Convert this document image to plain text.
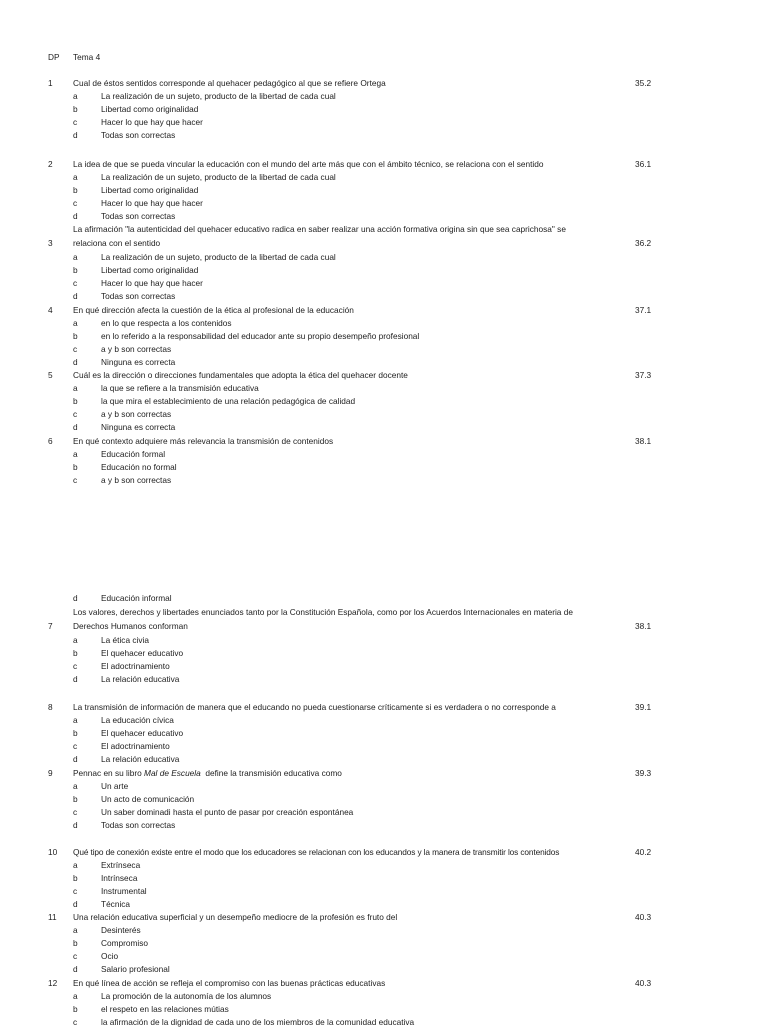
DP Tema 4
1 Cual de éstos sentidos corresponde al quehacer pedagógico al que se refiere Ortega	35.2
a	La realización de un sujeto, producto de la libertad de cada cual
b	Libertad como originalidad
c	Hacer lo que hay que hacer
d	Todas son correctas
2 La idea de que se pueda vincular la educación con el mundo del arte más que con el ámbito técnico, se relaciona con el sentido	36.1
a	La realización de un sujeto, producto de la libertad de cada cual
b	Libertad como originalidad
c	Hacer lo que hay que hacer
d	Todas son correctas
La afirmación "la autenticidad del quehacer educativo radica en saber realizar una acción formativa origina sin que sea caprichosa" se
3 relaciona con el sentido	36.2
a	La realización de un sujeto, producto de la libertad de cada cual
b	Libertad como originalidad
c	Hacer lo que hay que hacer
d	Todas son correctas
4 En qué dirección afecta la cuestión de la ética al profesional de la educación	37.1
a	en lo que respecta a los contenidos
b	en lo referido a la responsabilidad del educador ante su propio desempeño profesional
c	a y b son correctas
d	Ninguna es correcta
5 Cuál es la dirección o direcciones fundamentales que adopta la ética del quehacer docente	37.3
a	la que se refiere a la transmisión educativa
b	la que mira el establecimiento de una relación pedagógica de calidad
c	a y b son correctas
d	Ninguna es correcta
6 En qué contexto adquiere más relevancia la transmisión de contenidos	38.1
a	Educación formal
b	Educación no formal
c	a y b son correctas
d	Educación informal
Los valores, derechos y libertades enunciados tanto por la Constitución Española, como por los Acuerdos Internacionales en materia de
7 Derechos Humanos conforman	38.1
a	La ética civia
b	El quehacer educativo
c	El adoctrinamiento
d	La relación educativa
8 La transmisión de información de manera que el educando no pueda cuestionarse críticamente si es verdadera o no corresponde a	39.1
a	La educación cívica
b	El quehacer educativo
c	El adoctrinamiento
d	La relación educativa
9 Pennac en su libro Mal de Escuela  define la transmisión educativa como	39.3
a	Un arte
b	Un acto de comunicación
c	Un saber dominadi hasta el punto de pasar por creación espontánea
d	Todas son correctas
10 Qué tipo de conexión existe entre el modo que los educadores se relacionan con los educandos y la manera de transmitir los contenidos	40.2
a	Extrínseca
b	Intrínseca
c	Instrumental
d	Técnica
11 Una relación educativa superficial y un desempeño mediocre de la profesión es fruto del	40.3
a	Desinterés
b	Compromiso
c	Ocio
d	Salario profesional
12 En qué línea de acción se refleja el compromiso con las buenas prácticas educativas	40.3
a	La promoción de la autonomía de los alumnos
b	el respeto en las relaciones mútias
c	la afirmación de la dignidad de cada uno de los miembros de la comunidad educativa
